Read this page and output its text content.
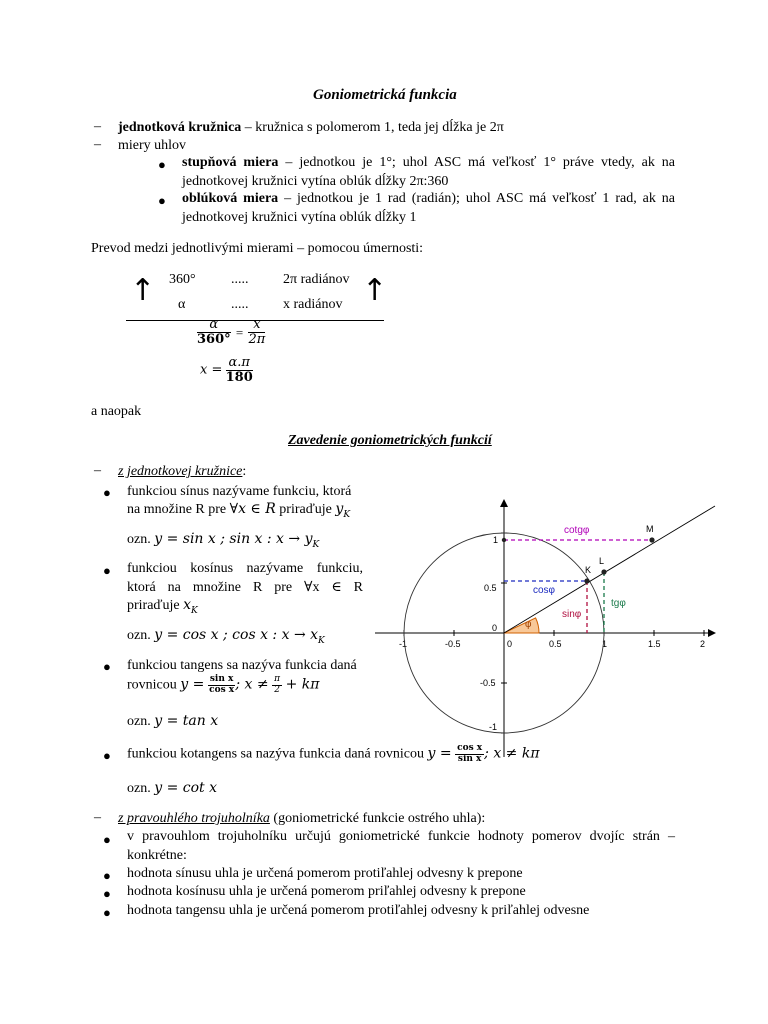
Goniometrická funkcia
– jednotková kružnica – kružnica s polomerom 1, teda jej dĺžka je 2π
– miery uhlov
● stupňová miera – jednotkou je 1°; uhol ASC má veľkosť 1° práve vtedy, ak na
jednotkovej kružnici vytína oblúk dĺžky 2π:360
● oblúková miera – jednotkou je 1 rad (radián); uhol ASC má veľkosť 1 rad, ak na
jednotkovej kružnici vytína oblúk dĺžky 1
Prevod medzi jednotlivými mierami – pomocou úmernosti:
↑	↑
360°	..... 2π radiánov
α	..... x radiánov
$\frac{\alpha}{360^\circ} = \frac{x}{2\pi}$
$x = \frac{\alpha.\pi}{180}$
a naopak
Zavedenie goniometrických funkcií
– z jednotkovej kružnice:
● funkciou sínus nazývame funkciu, ktorá
na množine R pre ∀x ∈ R priraďuje $y_K$
ozn. y = sin x ; sin x : $x \to y_K$
● funkciou kosínus nazývame funkciu,
ktorá na množine R pre ∀x ∈ R
priraďuje $x_K$
ozn. y = cos x ; cos x : $x \to x_K$
● funkciou tangens sa nazýva funkcia daná
rovnicou $y = \frac{\text{sin x}}{\text{cos x}}$ ; $x \ne \frac{\pi}{2} + k\pi$
ozn. y = tan x
● funkciou kotangens sa nazýva funkcia daná rovnicou $y = \frac{\text{cos x}}{\text{sin x}}$ ; x ≠ kπ
ozn. y = cot x
– z pravouhlého trojuholníka (goniometrické funkcie ostrého uhla):
● v pravouhlom trojuholníku určujú goniometrické funkcie hodnoty pomerov dvojíc strán –
konkrétne:
● hodnota sínusu uhla je určená pomerom protiľahlej odvesny k prepone
● hodnota kosínusu uhla je určená pomerom priľahlej odvesny k prepone
● hodnota tangensu uhla je určená pomerom protiľahlej odvesny k priľahlej odvesne
-1	-0.5	0	0.5	1	1.5	2
1
0.5
-0.5
-1
0	φ
cotgφ
cosφ
sinφ
tgφ
K
L
M
